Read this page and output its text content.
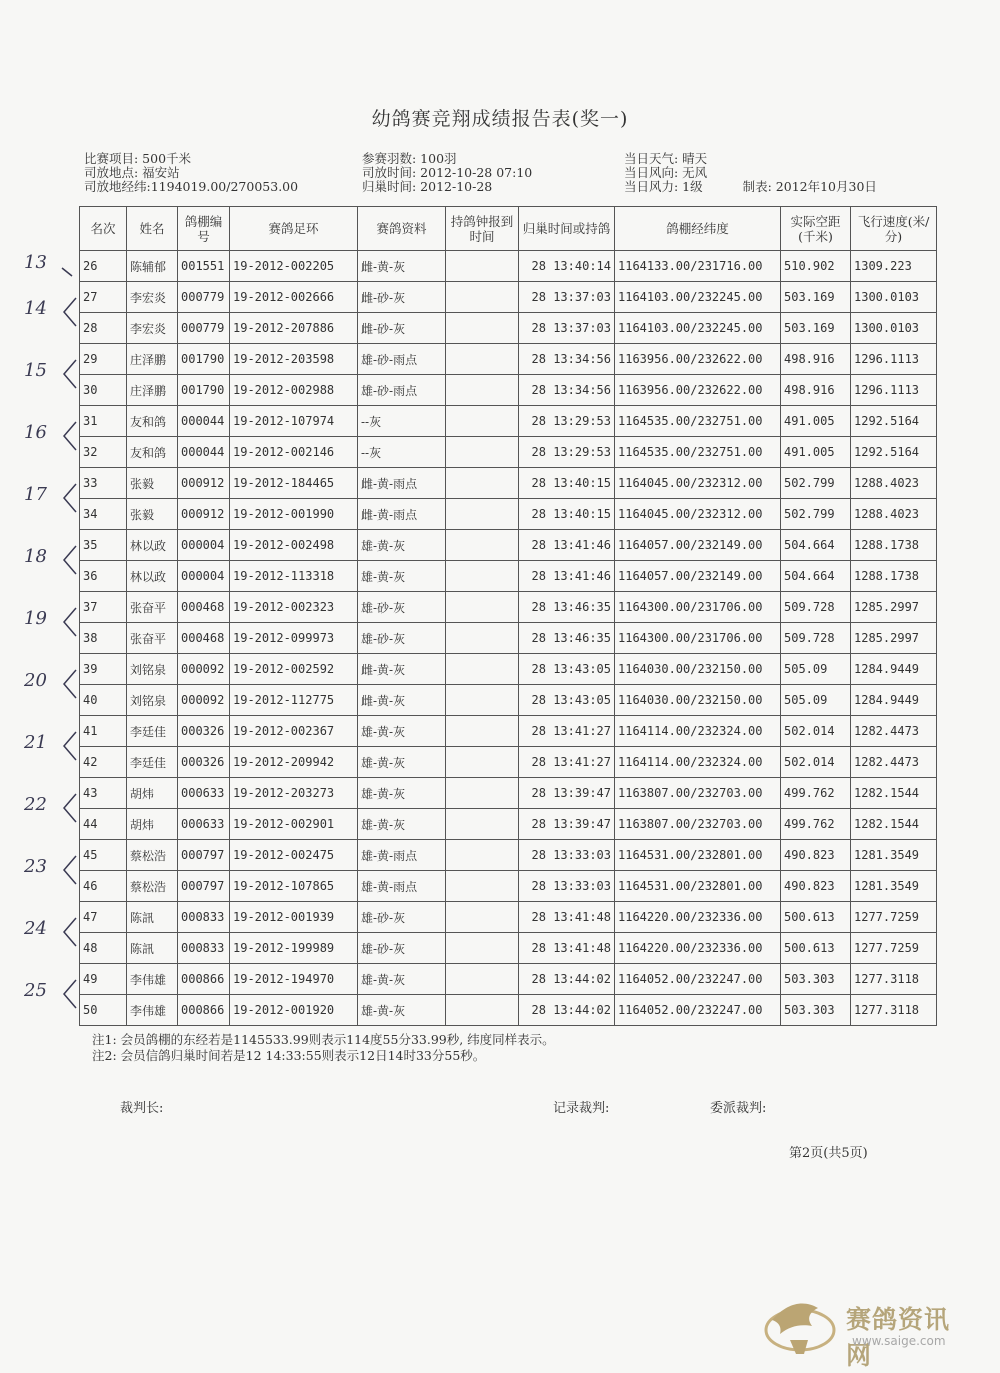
幼鸽赛竞翔成绩报告表(奖一)
比赛项目: 500千米
司放地点: 福安站
司放地经纬:1194019.00/270053.00
参赛羽数: 100羽
司放时间: 2012-10-28 07:10
归巢时间: 2012-10-28
当日天气: 晴天
当日风向: 无风
当日风力: 1级	制表: 2012年10月30日
名次	姓名	鸽棚编号	赛鸽足环	赛鸽资料	持鸽钟报到时间	归巢时间或持鸽	鸽棚经纬度	实际空距(千米)	飞行速度(米/分)
26	陈辅郁	001551	19-2012-002205	雌-黄-灰		28 13:40:14	1164133.00/231716.00	510.902	1309.223
27	李宏炎	000779	19-2012-002666	雌-砂-灰		28 13:37:03	1164103.00/232245.00	503.169	1300.0103
28	李宏炎	000779	19-2012-207886	雌-砂-灰		28 13:37:03	1164103.00/232245.00	503.169	1300.0103
29	庄泽鹏	001790	19-2012-203598	雄-砂-雨点		28 13:34:56	1163956.00/232622.00	498.916	1296.1113
30	庄泽鹏	001790	19-2012-002988	雄-砂-雨点		28 13:34:56	1163956.00/232622.00	498.916	1296.1113
31	友和鸽	000044	19-2012-107974	--灰		28 13:29:53	1164535.00/232751.00	491.005	1292.5164
32	友和鸽	000044	19-2012-002146	--灰		28 13:29:53	1164535.00/232751.00	491.005	1292.5164
33	张毅	000912	19-2012-184465	雌-黄-雨点		28 13:40:15	1164045.00/232312.00	502.799	1288.4023
34	张毅	000912	19-2012-001990	雌-黄-雨点		28 13:40:15	1164045.00/232312.00	502.799	1288.4023
35	林以政	000004	19-2012-002498	雄-黄-灰		28 13:41:46	1164057.00/232149.00	504.664	1288.1738
36	林以政	000004	19-2012-113318	雄-黄-灰		28 13:41:46	1164057.00/232149.00	504.664	1288.1738
37	张奋平	000468	19-2012-002323	雄-砂-灰		28 13:46:35	1164300.00/231706.00	509.728	1285.2997
38	张奋平	000468	19-2012-099973	雄-砂-灰		28 13:46:35	1164300.00/231706.00	509.728	1285.2997
39	刘铭泉	000092	19-2012-002592	雌-黄-灰		28 13:43:05	1164030.00/232150.00	505.09	1284.9449
40	刘铭泉	000092	19-2012-112775	雌-黄-灰		28 13:43:05	1164030.00/232150.00	505.09	1284.9449
41	李廷佳	000326	19-2012-002367	雄-黄-灰		28 13:41:27	1164114.00/232324.00	502.014	1282.4473
42	李廷佳	000326	19-2012-209942	雄-黄-灰		28 13:41:27	1164114.00/232324.00	502.014	1282.4473
43	胡炜	000633	19-2012-203273	雄-黄-灰		28 13:39:47	1163807.00/232703.00	499.762	1282.1544
44	胡炜	000633	19-2012-002901	雄-黄-灰		28 13:39:47	1163807.00/232703.00	499.762	1282.1544
45	蔡松浩	000797	19-2012-002475	雄-黄-雨点		28 13:33:03	1164531.00/232801.00	490.823	1281.3549
46	蔡松浩	000797	19-2012-107865	雄-黄-雨点		28 13:33:03	1164531.00/232801.00	490.823	1281.3549
47	陈訊	000833	19-2012-001939	雄-砂-灰		28 13:41:48	1164220.00/232336.00	500.613	1277.7259
48	陈訊	000833	19-2012-199989	雄-砂-灰		28 13:41:48	1164220.00/232336.00	500.613	1277.7259
49	李伟雄	000866	19-2012-194970	雄-黄-灰		28 13:44:02	1164052.00/232247.00	503.303	1277.3118
50	李伟雄	000866	19-2012-001920	雄-黄-灰		28 13:44:02	1164052.00/232247.00	503.303	1277.3118
13
14
15
16
17
18
19
20
21
22
23
24
25
注1: 会员鸽棚的东经若是1145533.99则表示114度55分33.99秒, 纬度同样表示。
注2: 会员信鸽归巢时间若是12 14:33:55则表示12日14时33分55秒。
裁判长:	记录裁判:	委派裁判:
第2页(共5页)
赛鸽资讯网
www.saige.com
